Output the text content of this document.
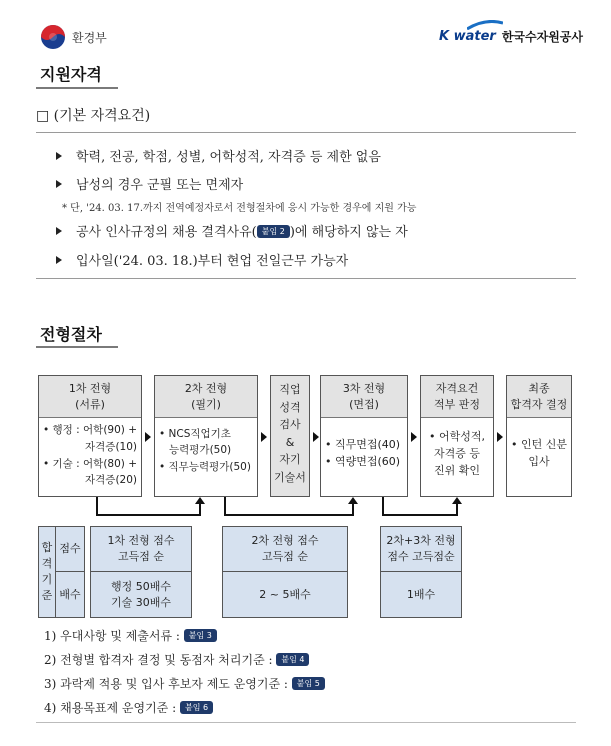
환경부	K water 한국수자원공사
지원자격
□ (기본 자격요건)
학력, 전공, 학점, 성별, 어학성적, 자격증 등 제한 없음
남성의 경우 군필 또는 면제자
* 단, '24. 03. 17.까지 전역예정자로서 전형절차에 응시 가능한 경우에 지원 가능
공사 인사규정의 채용 결격사유( 붙임 2 )에 해당하지 않는 자
입사일('24. 03. 18.)부터 현업 전일근무 가능자
전형절차
1차 전형
(서류)
• 행정 : 어학(90) +
자격증(10)
• 기술 : 어학(80) +
자격증(20)
2차 전형
(필기)
• NCS직업기초
능력평가(50)
• 직무능력평가(50)
직업
성격
검사
&
자기
기술서
3차 전형
(면접)
• 직무면접(40)
• 역량면접(60)
자격요건
적부 판정
• 어학성적,
자격증 등
진위 확인
최종
합격자 결정
• 인턴 신분
입사
합
격
기
준
점수
배수
1차 전형 점수
고득점 순
행정 50배수
기술 30배수
2차 전형 점수
고득점 순
2 ~ 5배수
2차+3차 전형
점수 고득점순
1배수
1) 우대사항 및 제출서류 : 붙임 3
2) 전형별 합격자 결정 및 동점자 처리기준 : 붙임 4
3) 과락제 적용 및 입사 후보자 제도 운영기준 : 붙임 5
4) 채용목표제 운영기준 : 붙임 6
